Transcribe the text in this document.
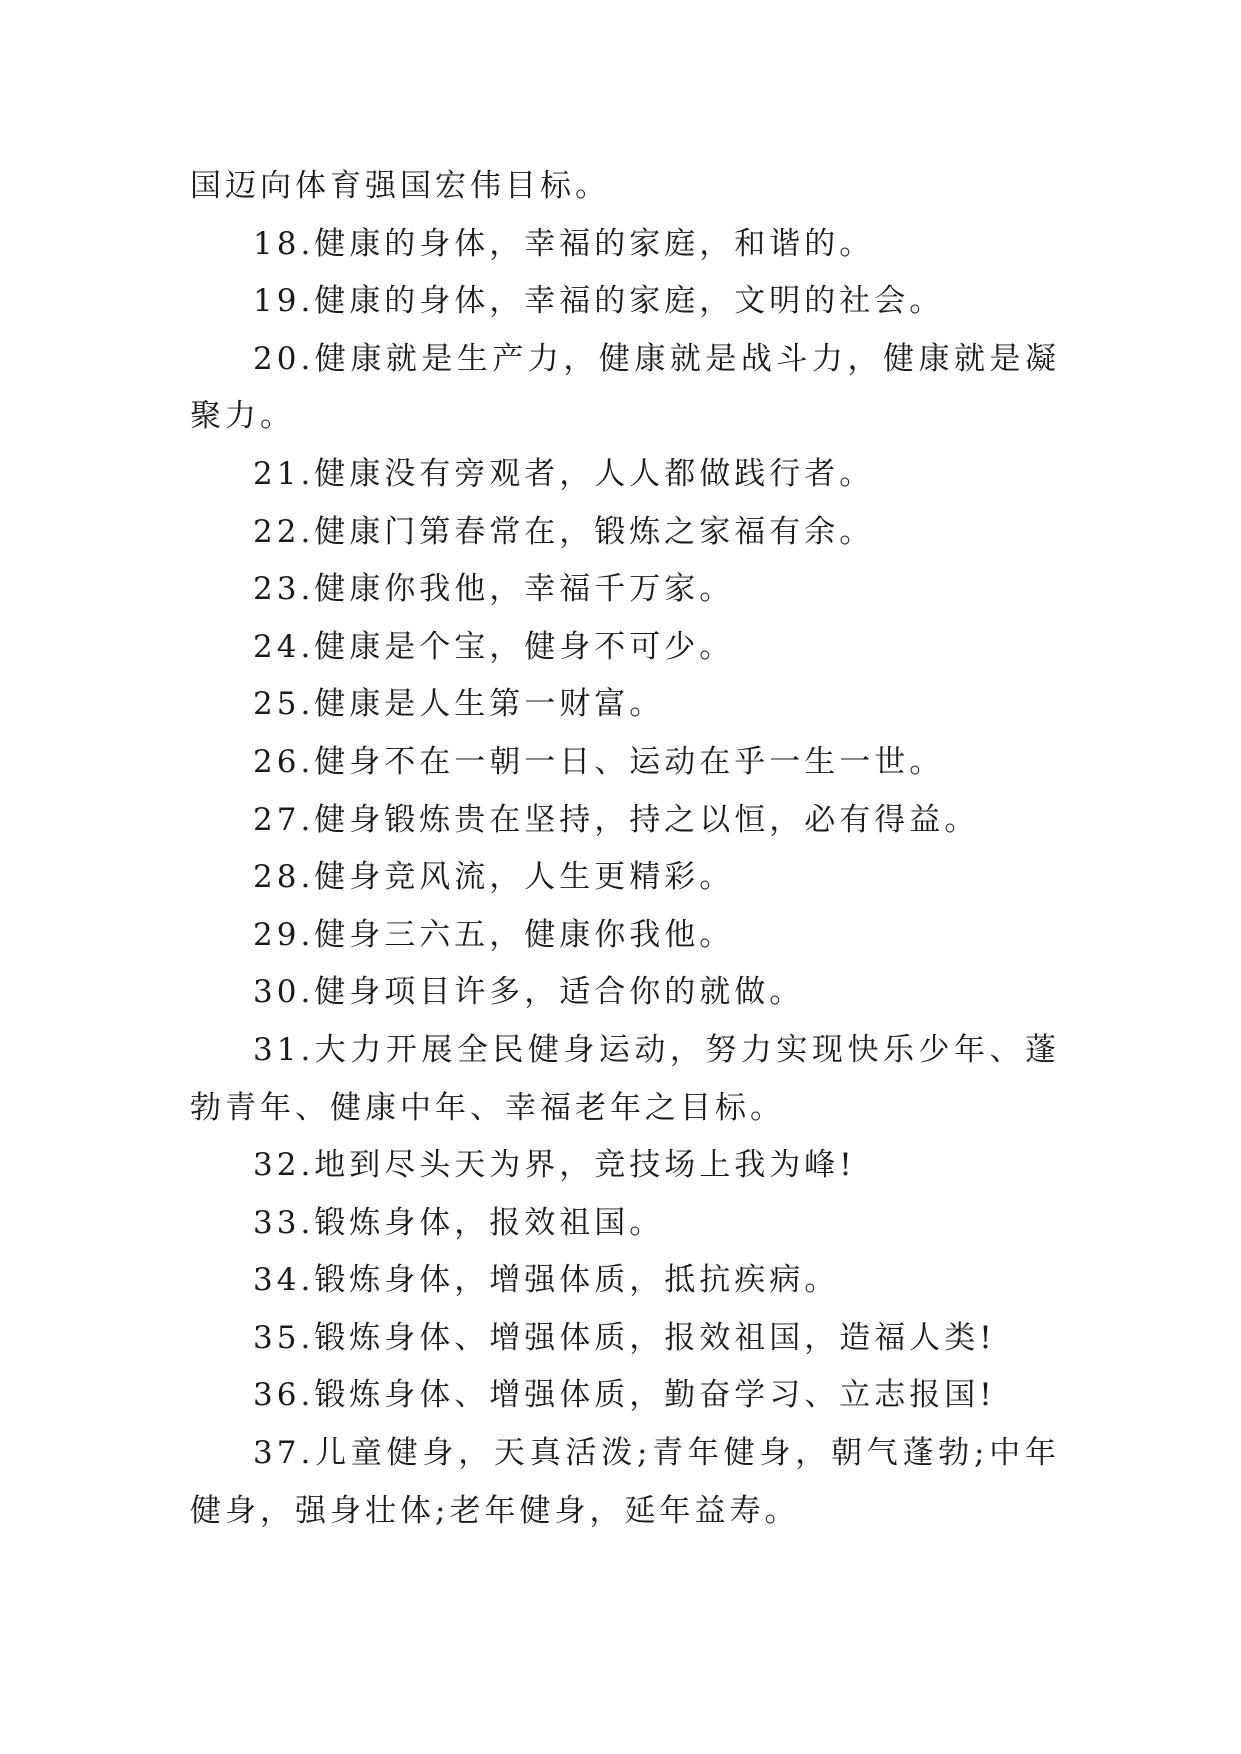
国迈向体育强国宏伟目标。

18.健康的身体，幸福的家庭，和谐的。

19.健康的身体，幸福的家庭，文明的社会。

20.健康就是生产力，健康就是战斗力，健康就是凝聚力。

21.健康没有旁观者，人人都做践行者。

22.健康门第春常在，锻炼之家福有余。

23.健康你我他，幸福千万家。

24.健康是个宝，健身不可少。

25.健康是人生第一财富。

26.健身不在一朝一日、运动在乎一生一世。

27.健身锻炼贵在坚持，持之以恒，必有得益。

28.健身竞风流，人生更精彩。

29.健身三六五，健康你我他。

30.健身项目许多，适合你的就做。

31.大力开展全民健身运动，努力实现快乐少年、蓬勃青年、健康中年、幸福老年之目标。

32.地到尽头天为界，竞技场上我为峰!

33.锻炼身体，报效祖国。

34.锻炼身体，增强体质，抵抗疾病。

35.锻炼身体、增强体质，报效祖国，造福人类!

36.锻炼身体、增强体质，勤奋学习、立志报国!

37.儿童健身，天真活泼;青年健身，朝气蓬勃;中年健身，强身壮体;老年健身，延年益寿。
